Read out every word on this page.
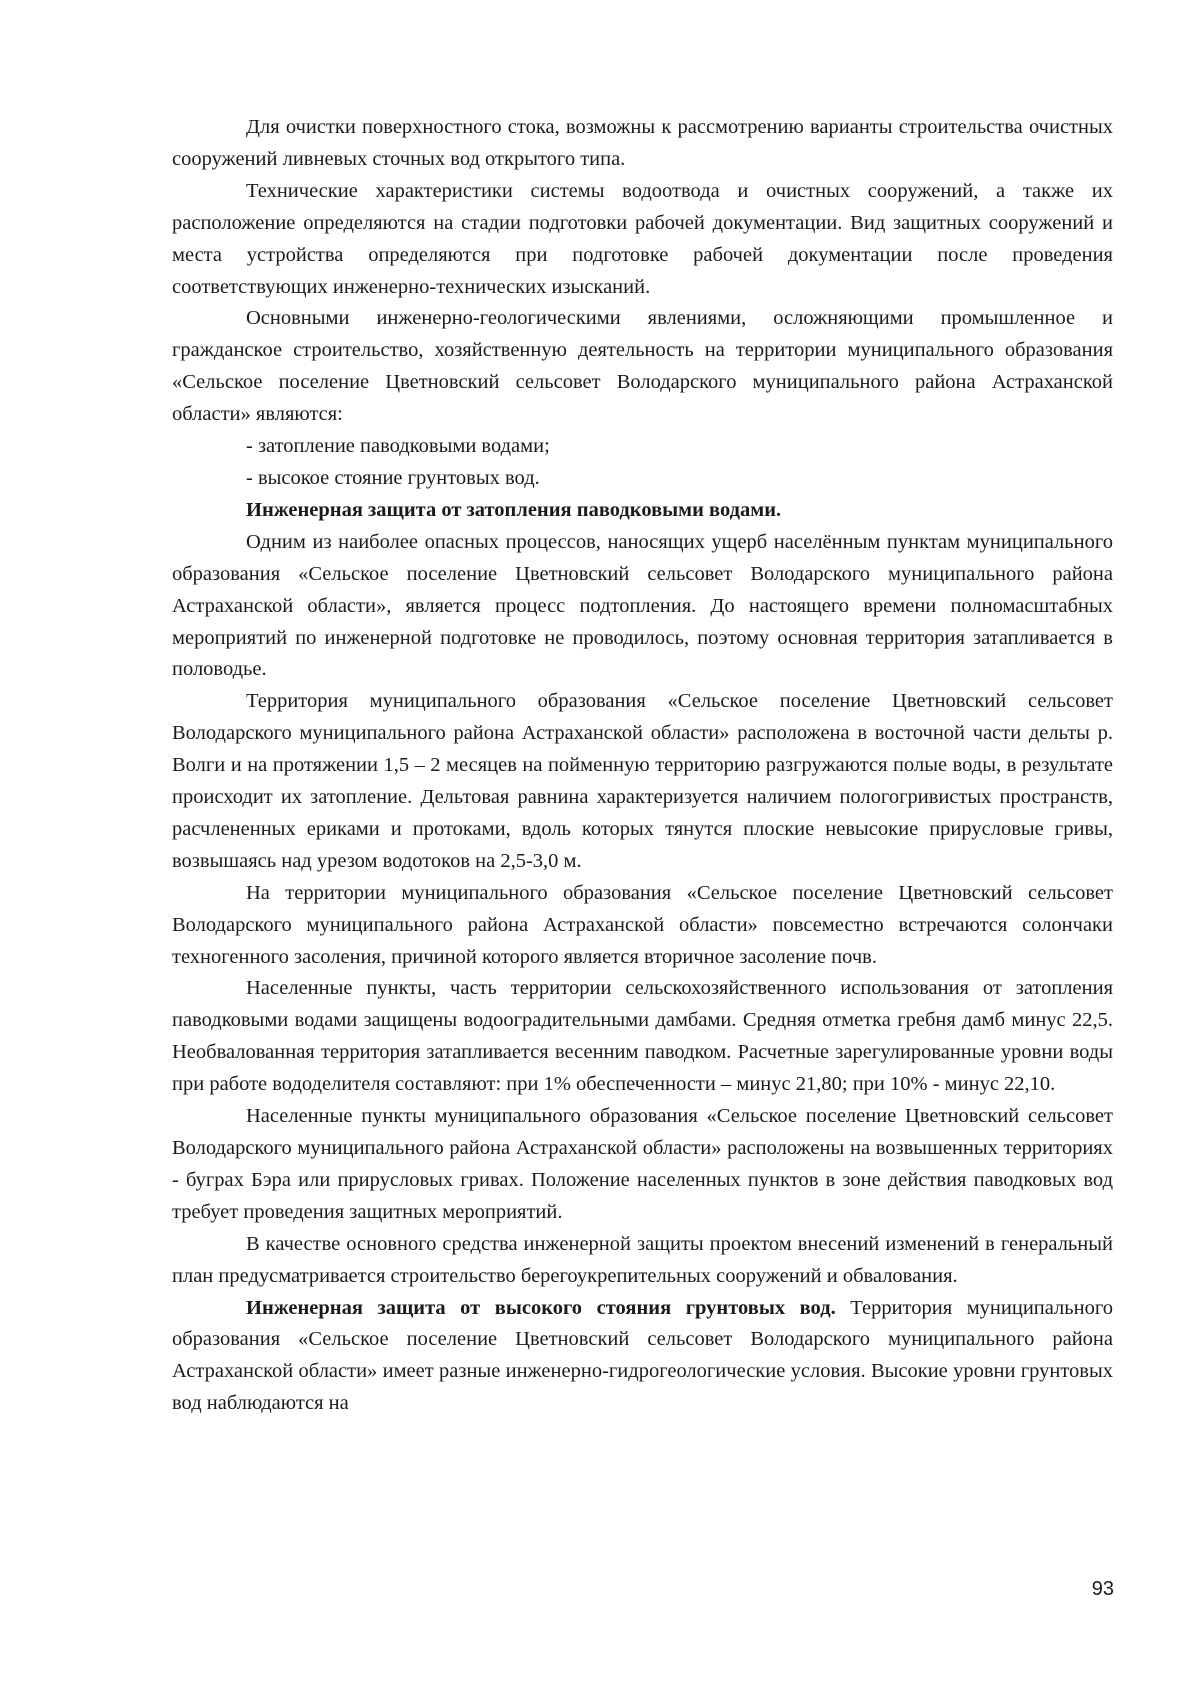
Для очистки поверхностного стока, возможны к рассмотрению варианты строительства очистных сооружений ливневых сточных вод открытого типа.

Технические характеристики системы водоотвода и очистных сооружений, а также их расположение определяются на стадии подготовки рабочей документации. Вид защитных сооружений и места устройства определяются при подготовке рабочей документации после проведения соответствующих инженерно-технических изысканий.

Основными инженерно-геологическими явлениями, осложняющими промышленное и гражданское строительство, хозяйственную деятельность на территории муниципального образования «Сельское поселение Цветновский сельсовет Володарского муниципального района Астраханской области» являются:

- затопление паводковыми водами;

- высокое стояние грунтовых вод.

Инженерная защита от затопления паводковыми водами.

Одним из наиболее опасных процессов, наносящих ущерб населённым пунктам муниципального образования «Сельское поселение Цветновский сельсовет Володарского муниципального района Астраханской области», является процесс подтопления. До настоящего времени полномасштабных мероприятий по инженерной подготовке не проводилось, поэтому основная территория затапливается в половодье.

Территория муниципального образования «Сельское поселение Цветновский сельсовет Володарского муниципального района Астраханской области» расположена в восточной части дельты р. Волги и на протяжении 1,5 – 2 месяцев на пойменную территорию разгружаются полые воды, в результате происходит их затопление. Дельтовая равнина характеризуется наличием пологогривистых пространств, расчлененных ериками и протоками, вдоль которых тянутся плоские невысокие прирусловые гривы, возвышаясь над урезом водотоков на 2,5-3,0 м.

На территории муниципального образования «Сельское поселение Цветновский сельсовет Володарского муниципального района Астраханской области» повсеместно встречаются солончаки техногенного засоления, причиной которого является вторичное засоление почв.

Населенные пункты, часть территории сельскохозяйственного использования от затопления паводковыми водами защищены водооградительными дамбами. Средняя отметка гребня дамб минус 22,5. Необвалованная территория затапливается весенним паводком. Расчетные зарегулированные уровни воды при работе вододелителя составляют: при 1% обеспеченности – минус 21,80; при 10% - минус 22,10.

Населенные пункты муниципального образования «Сельское поселение Цветновский сельсовет Володарского муниципального района Астраханской области» расположены на возвышенных территориях - буграх Бэра или прирусловых гривах. Положение населенных пунктов в зоне действия паводковых вод требует проведения защитных мероприятий.

В качестве основного средства инженерной защиты проектом внесений изменений в генеральный план предусматривается строительство берегоукрепительных сооружений и обвалования.

Инженерная защита от высокого стояния грунтовых вод. Территория муниципального образования «Сельское поселение Цветновский сельсовет Володарского муниципального района Астраханской области» имеет разные инженерно-гидрогеологические условия. Высокие уровни грунтовых вод наблюдаются на

93
